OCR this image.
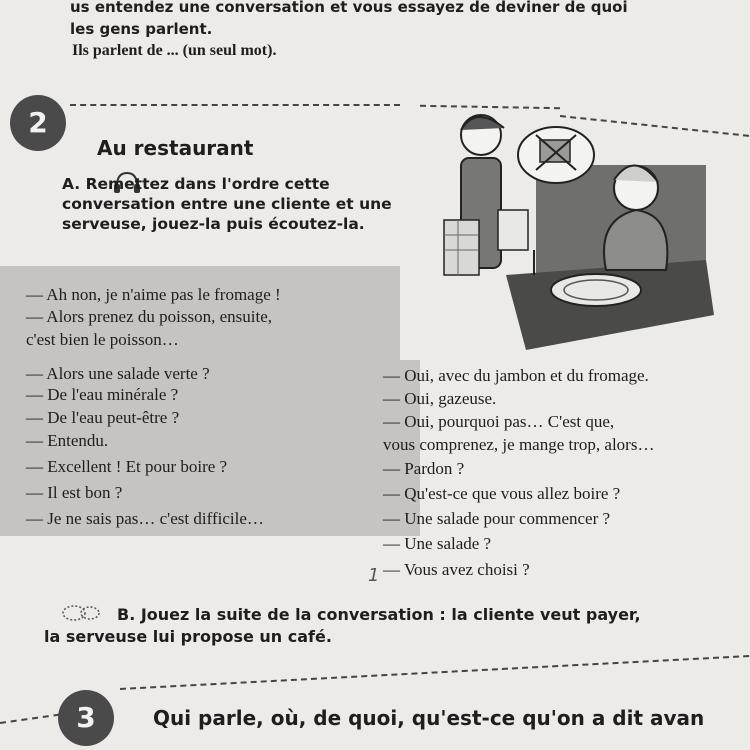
us entendez une conversation et vous essayez de deviner de quoi
les gens parlent.
Ils parlent de ... (un seul mot).
2
Au restaurant
A. Remettez dans l'ordre cette conversation entre une cliente et une serveuse, jouez-la puis écoutez-la.
— Ah non, je n'aime pas le fromage !
— Alors prenez du poisson, ensuite,
c'est bien le poisson…
— Alors une salade verte ?
— De l'eau minérale ?
— De l'eau peut-être ?
— Entendu.
— Excellent ! Et pour boire ?
— Il est bon ?
— Je ne sais pas… c'est difficile…
— Oui, avec du jambon et du fromage.
— Oui, gazeuse.
— Oui, pourquoi pas… C'est que,
vous comprenez, je mange trop, alors…
— Pardon ?
— Qu'est-ce que vous allez boire ?
— Une salade pour commencer ?
— Une salade ?
— Vous avez choisi ?
1
B. Jouez la suite de la conversation : la cliente veut payer,
la serveuse lui propose un café.
3	Qui parle, où, de quoi, qu'est-ce qu'on a dit avan
